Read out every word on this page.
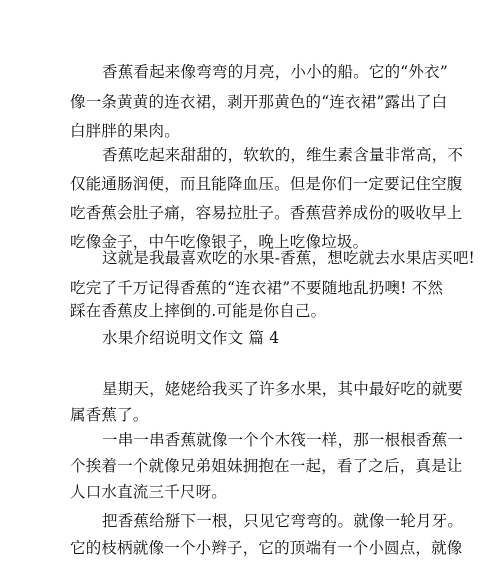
香蕉看起来像弯弯的月亮，小小的船。它的“外衣”
像一条黄黄的连衣裙，剥开那黄色的“连衣裙”露出了白
白胖胖的果肉。
香蕉吃起来甜甜的，软软的，维生素含量非常高，不
仅能通肠润便，而且能降血压。但是你们一定要记住空腹
吃香蕉会肚子痛，容易拉肚子。香蕉营养成份的吸收早上
吃像金子，中午吃像银子，晚上吃像垃圾。
这就是我最喜欢吃的水果-香蕉，想吃就去水果店买吧!
吃完了千万记得香蕉的“连衣裙”不要随地乱扔噢! 不然
踩在香蕉皮上摔倒的.可能是你自己。
水果介绍说明文作文 篇 4
星期天，姥姥给我买了许多水果，其中最好吃的就要
属香蕉了。
一串一串香蕉就像一个个木筏一样，那一根根香蕉一
个挨着一个就像兄弟姐妹拥抱在一起，看了之后，真是让
人口水直流三千尺呀。
把香蕉给掰下一根，只见它弯弯的。就像一轮月牙。
它的枝柄就像一个小辫子，它的顶端有一个小圆点，就像
